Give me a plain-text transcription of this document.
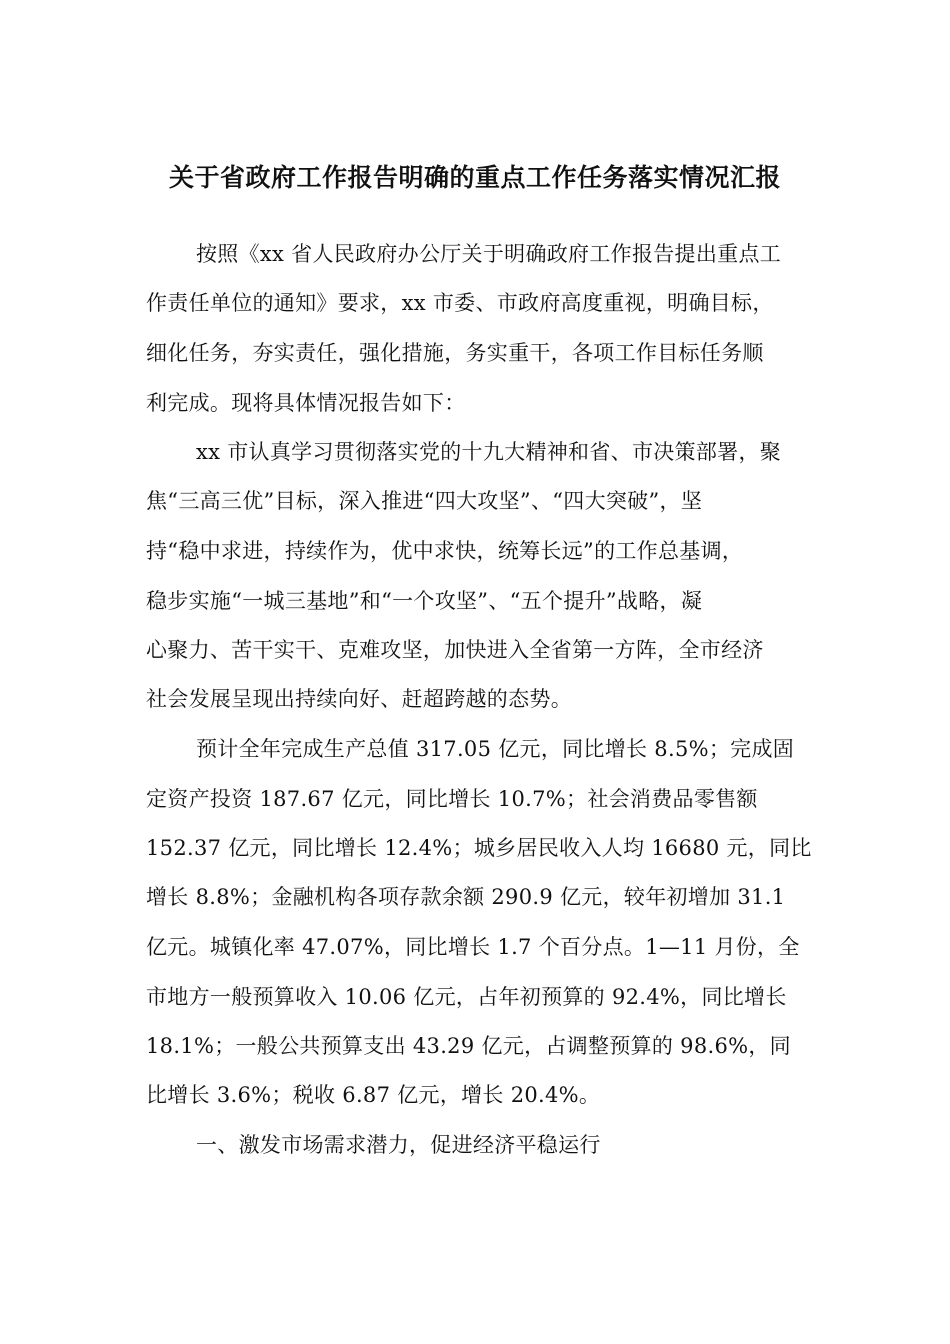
关于省政府工作报告明确的重点工作任务落实情况汇报
按照《xx 省人民政府办公厅关于明确政府工作报告提出重点工
作责任单位的通知》要求，xx 市委、市政府高度重视，明确目标，
细化任务，夯实责任，强化措施，务实重干，各项工作目标任务顺
利完成。现将具体情况报告如下：
xx 市认真学习贯彻落实党的十九大精神和省、市决策部署，聚
焦“三高三优”目标，深入推进“四大攻坚”、“四大突破”，坚
持“稳中求进，持续作为，优中求快，统筹长远”的工作总基调，
稳步实施“一城三基地”和“一个攻坚”、“五个提升”战略，凝
心聚力、苦干实干、克难攻坚，加快进入全省第一方阵，全市经济
社会发展呈现出持续向好、赶超跨越的态势。
预计全年完成生产总值 317.05 亿元，同比增长 8.5%；完成固
定资产投资 187.67 亿元，同比增长 10.7%；社会消费品零售额
152.37 亿元，同比增长 12.4%；城乡居民收入人均 16680 元，同比
增长 8.8%；金融机构各项存款余额 290.9 亿元，较年初增加 31.1
亿元。城镇化率 47.07%，同比增长 1.7 个百分点。1—11 月份，全
市地方一般预算收入 10.06 亿元，占年初预算的 92.4%，同比增长
18.1%；一般公共预算支出 43.29 亿元，占调整预算的 98.6%，同
比增长 3.6%；税收 6.87 亿元，增长 20.4%。
一、激发市场需求潜力，促进经济平稳运行
